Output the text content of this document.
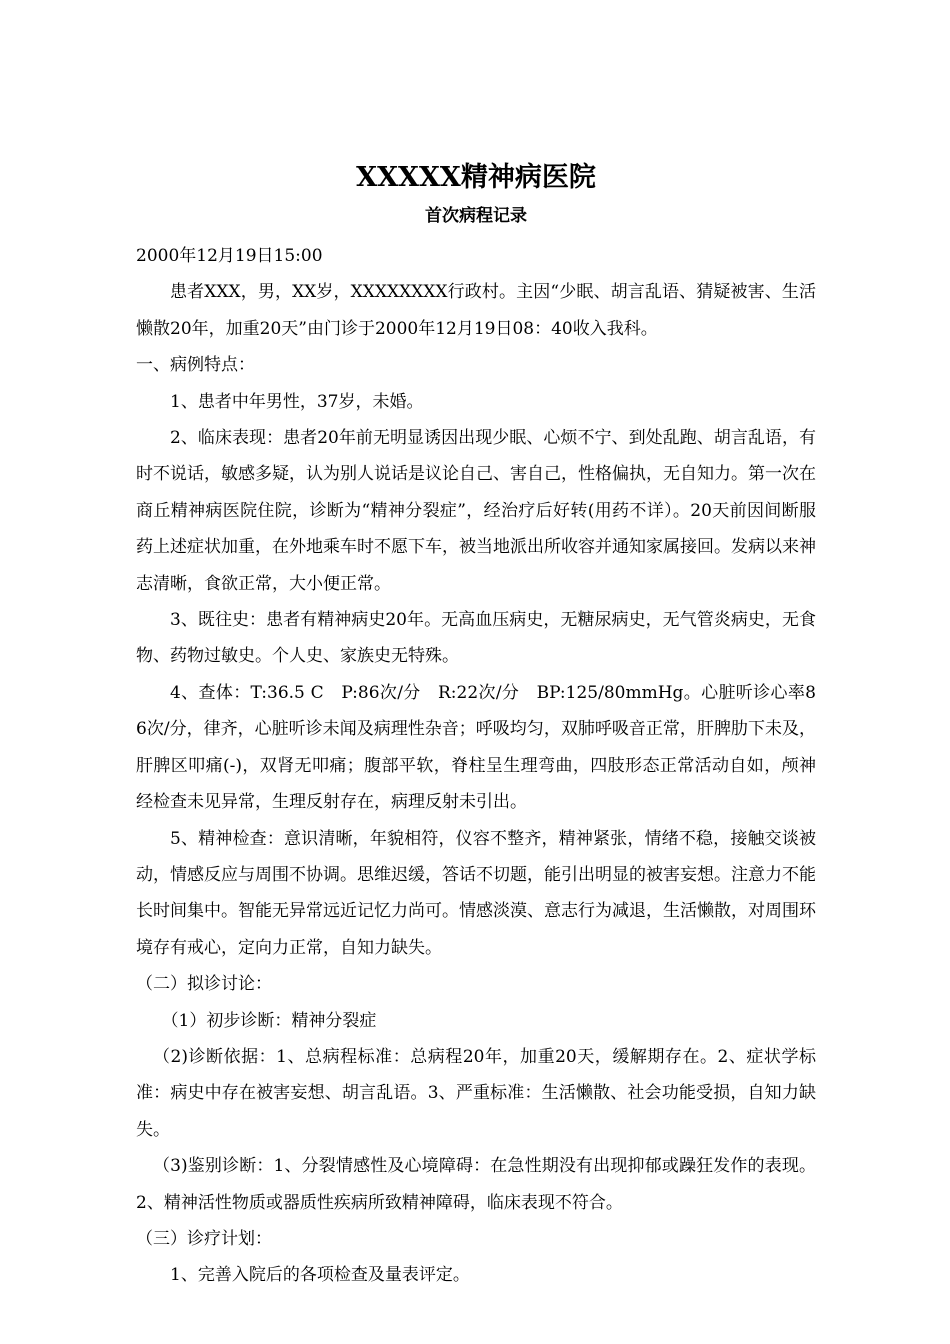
XXXXX精神病医院
首次病程记录

2000年12月19日15:00

患者XXX，男，XX岁，XXXXXXXX行政村。主因“少眠、胡言乱语、猜疑被害、生活懒散20年，加重20天”由门诊于2000年12月19日08：40收入我科。

一、病例特点：

1、患者中年男性，37岁，未婚。

2、临床表现：患者20年前无明显诱因出现少眠、心烦不宁、到处乱跑、胡言乱语，有时不说话，敏感多疑，认为别人说话是议论自己、害自己，性格偏执，无自知力。第一次在商丘精神病医院住院，诊断为“精神分裂症”，经治疗后好转(用药不详）。20天前因间断服药上述症状加重，在外地乘车时不愿下车，被当地派出所收容并通知家属接回。发病以来神志清晰，食欲正常，大小便正常。

3、既往史：患者有精神病史20年。无高血压病史，无糖尿病史，无气管炎病史，无食物、药物过敏史。个人史、家族史无特殊。

4、查体：T:36.5 C　P:86次/分　R:22次/分　BP:125/80mmHg。心脏听诊心率86次/分，律齐，心脏听诊未闻及病理性杂音；呼吸均匀，双肺呼吸音正常，肝脾肋下未及，肝脾区叩痛(-)，双肾无叩痛；腹部平软，脊柱呈生理弯曲，四肢形态正常活动自如，颅神经检查未见异常，生理反射存在，病理反射未引出。

5、精神检查：意识清晰，年貌相符，仪容不整齐，精神紧张，情绪不稳，接触交谈被动，情感反应与周围不协调。思维迟缓，答话不切题，能引出明显的被害妄想。注意力不能长时间集中。智能无异常远近记忆力尚可。情感淡漠、意志行为减退，生活懒散，对周围环境存有戒心，定向力正常，自知力缺失。

（二）拟诊讨论：

（1）初步诊断：精神分裂症

（2)诊断依据：1、总病程标准：总病程20年，加重20天，缓解期存在。2、症状学标准：病史中存在被害妄想、胡言乱语。3、严重标准：生活懒散、社会功能受损，自知力缺失。

（3)鉴别诊断：1、分裂情感性及心境障碍：在急性期没有出现抑郁或躁狂发作的表现。2、精神活性物质或器质性疾病所致精神障碍，临床表现不符合。

（三）诊疗计划：

1、完善入院后的各项检查及量表评定。
